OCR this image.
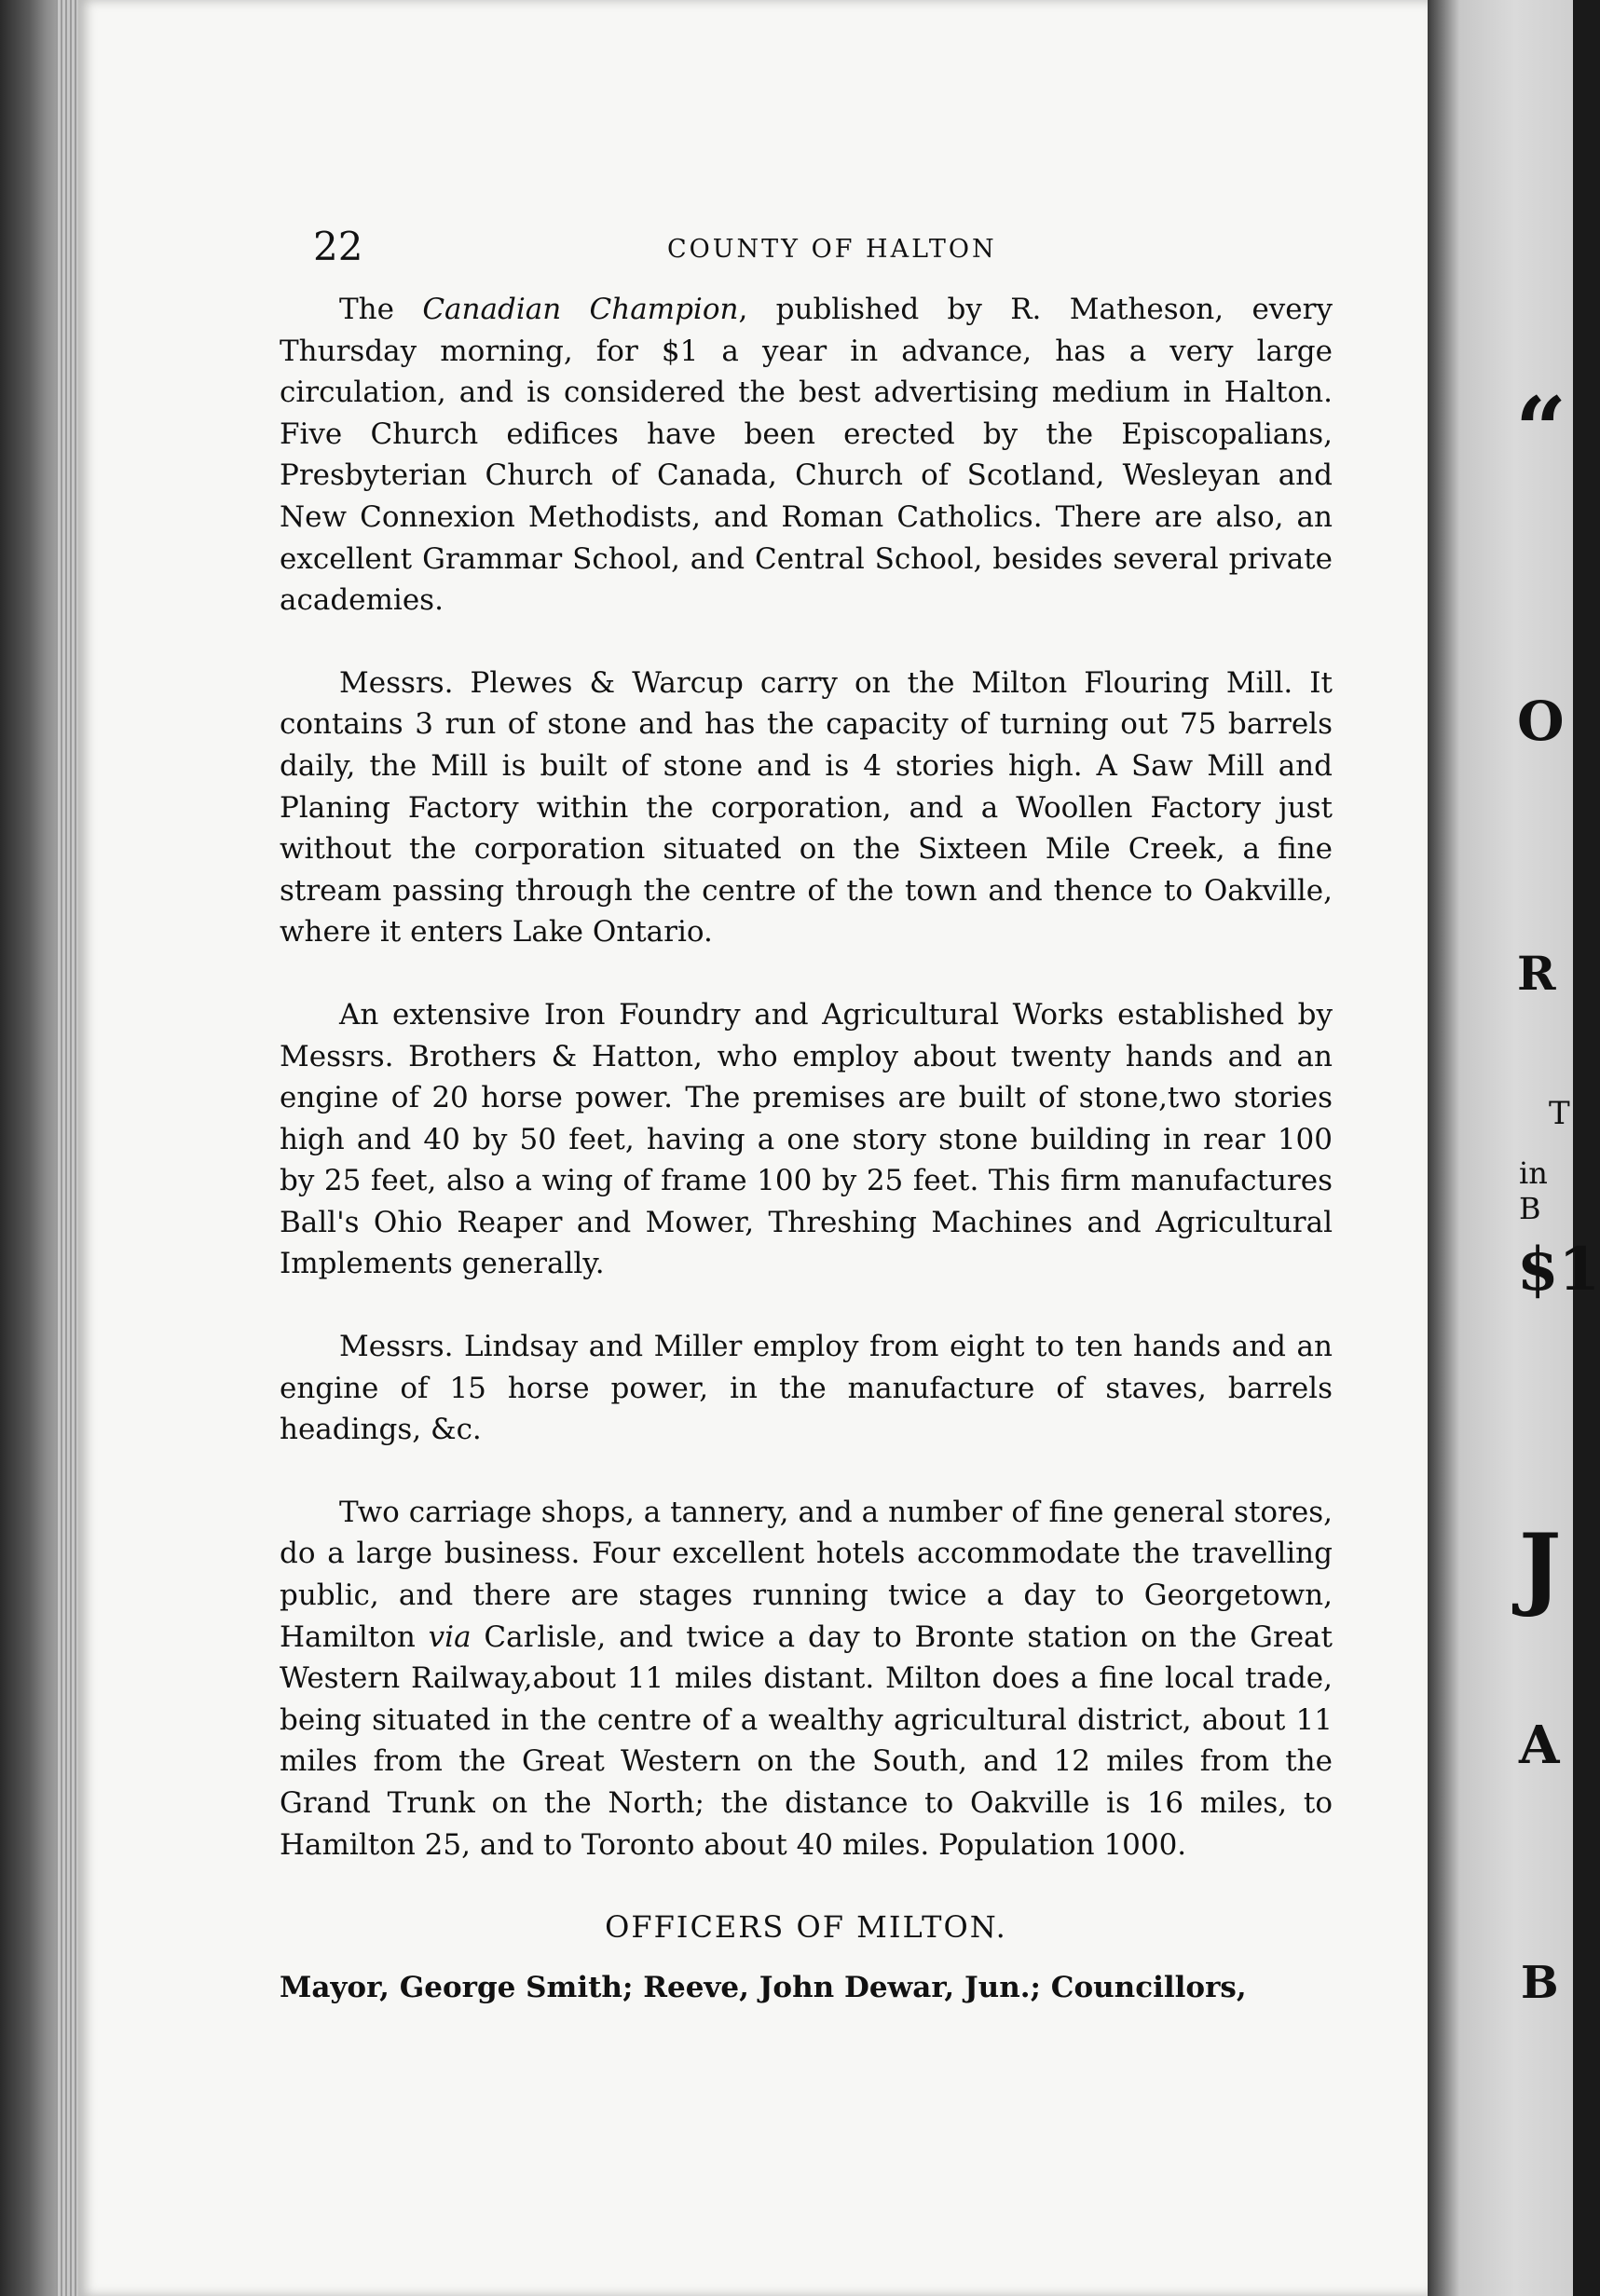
22	COUNTY OF HALTON

The Canadian Champion, published by R. Matheson, every Thursday morning, for $1 a year in advance, has a very large circulation, and is considered the best advertising medium in Halton. Five Church edifices have been erected by the Episcopalians, Presbyterian Church of Canada, Church of Scotland, Wesleyan and New Connexion Methodists, and Roman Catholics. There are also, an excellent Grammar School, and Central School, besides several private academies.

Messrs. Plewes & Warcup carry on the Milton Flouring Mill. It contains 3 run of stone and has the capacity of turning out 75 barrels daily, the Mill is built of stone and is 4 stories high. A Saw Mill and Planing Factory within the corporation, and a Woollen Factory just without the corporation situated on the Sixteen Mile Creek, a fine stream passing through the centre of the town and thence to Oakville, where it enters Lake Ontario.

An extensive Iron Foundry and Agricultural Works established by Messrs. Brothers & Hatton, who employ about twenty hands and an engine of 20 horse power. The premises are built of stone,two stories high and 40 by 50 feet, having a one story stone building in rear 100 by 25 feet, also a wing of frame 100 by 25 feet. This firm manufactures Ball's Ohio Reaper and Mower, Threshing Machines and Agricultural Implements generally.

Messrs. Lindsay and Miller employ from eight to ten hands and an engine of 15 horse power, in the manufacture of staves, barrels headings, &c.

Two carriage shops, a tannery, and a number of fine general stores, do a large business. Four excellent hotels accommodate the travelling public, and there are stages running twice a day to Georgetown, Hamilton via Carlisle, and twice a day to Bronte station on the Great Western Railway,about 11 miles distant. Milton does a fine local trade, being situated in the centre of a wealthy agricultural district, about 11 miles from the Great Western on the South, and 12 miles from the Grand Trunk on the North; the distance to Oakville is 16 miles, to Hamilton 25, and to Toronto about 40 miles. Population 1000.

OFFICERS OF MILTON.

Mayor, George Smith; Reeve, John Dewar, Jun.; Councillors,

“
O
R
T
in B
$1
J
A
B
